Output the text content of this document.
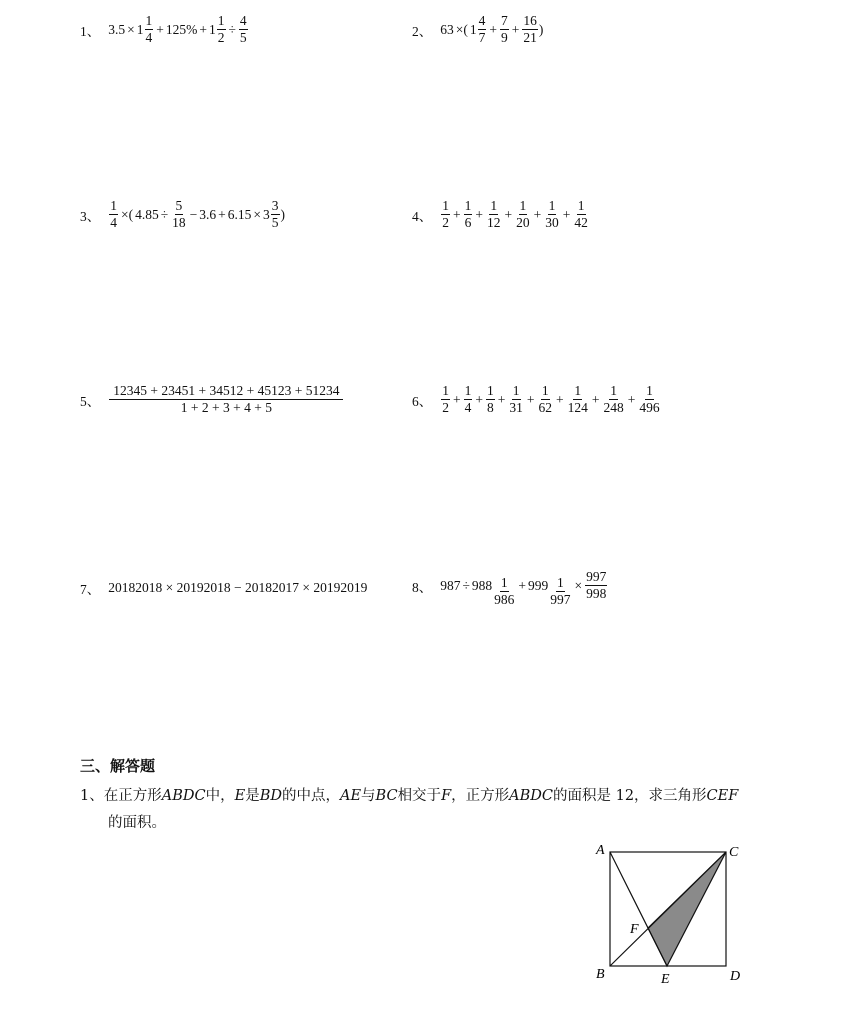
1、 $3.5 \times 1 \frac{1}{4} + 125\% + 1 \frac{1}{2} \div \frac{4}{5}$	2、 63 ×( $1 \frac{4}{7} + \frac{7}{9} + \frac{16}{21}$ )
3、 $\frac{1}{4}$ ×( $4.85 \div \frac{5}{18} - 3.6 + 6.15 \times 3 \frac{3}{5}$ )	4、 $\frac{1}{2} + \frac{1}{6} + \frac{1}{12} + \frac{1}{20} + \frac{1}{30} + \frac{1}{42}$
5、 $\frac{12345 + 23451 + 34512 + 45123 + 51234}{1 + 2 + 3 + 4 + 5}$	6、 $\frac{1}{2} + \frac{1}{4} + \frac{1}{8} + \frac{1}{31} + \frac{1}{62} + \frac{1}{124} + \frac{1}{248} + \frac{1}{496}$
7、 20182018 × 20192018 − 20182017 × 20192019	8、 $987 \div 988 \frac{1}{986} + 999 \frac{1}{997} \times \frac{997}{998}$
三、解答题
1、在正方形ABDC中，E是BD的中点，AE与BC相交于F，正方形ABDC的面积是 12，求三角形CEF
的面积。
A	C
B	D
E
F
